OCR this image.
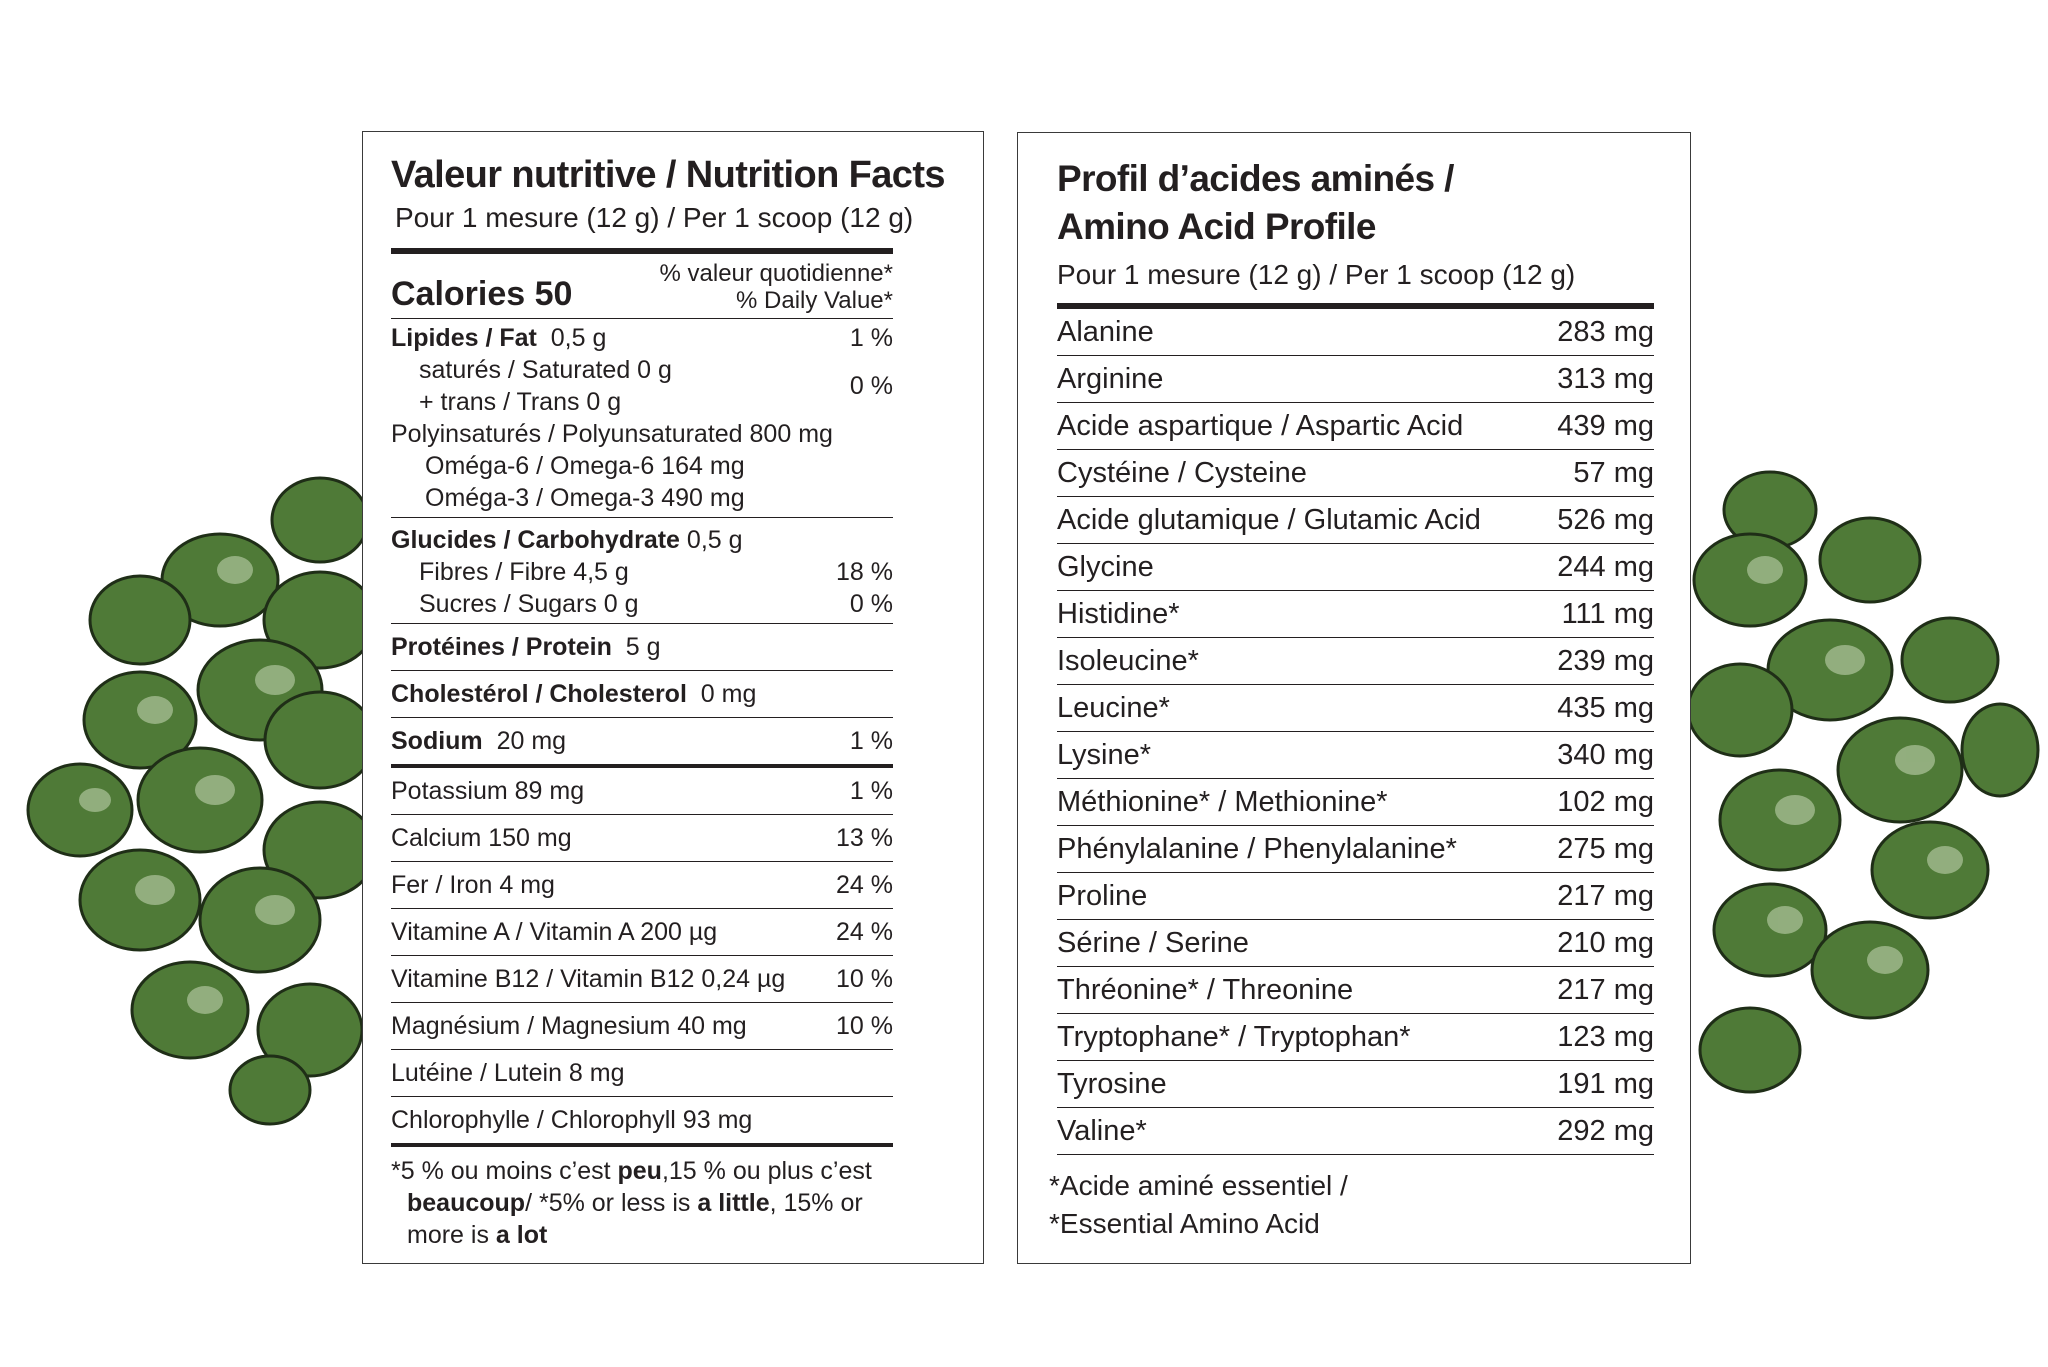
Valeur nutritive / Nutrition Facts

Pour 1 mesure (12 g) / Per 1 scoop (12 g)

Calories 50
% valeur quotidienne*
% Daily Value*
Lipides / Fat 0,5 g	1 %
saturés / Saturated 0 g
+ trans / Trans 0 g
0 %
Polyinsaturés / Polyunsaturated 800 mg
Oméga-6 / Omega-6 164 mg
Oméga-3 / Omega-3 490 mg
Glucides / Carbohydrate 0,5 g
Fibres / Fibre 4,5 g	18 %
Sucres / Sugars 0 g	0 %
Protéines / Protein 5 g
Cholestérol / Cholesterol 0 mg
Sodium 20 mg	1 %
Potassium 89 mg	1 %
Calcium 150 mg	13 %
Fer / Iron 4 mg	24 %
Vitamine A / Vitamin A 200 µg	24 %
Vitamine B12 / Vitamin B12 0,24 µg	10 %
Magnésium / Magnesium 40 mg	10 %
Lutéine / Lutein 8 mg
Chlorophylle / Chlorophyll 93 mg
*5 % ou moins c’est peu,15 % ou plus c’est
beaucoup/ *5% or less is a little, 15% or
more is a lot
Profil d’acides aminés /
Amino Acid Profile

Pour 1 mesure (12 g) / Per 1 scoop (12 g)

Alanine	283 mg
Arginine	313 mg
Acide aspartique / Aspartic Acid	439 mg
Cystéine / Cysteine	57 mg
Acide glutamique / Glutamic Acid	526 mg
Glycine	244 mg
Histidine*	111 mg
Isoleucine*	239 mg
Leucine*	435 mg
Lysine*	340 mg
Méthionine* / Methionine*	102 mg
Phénylalanine / Phenylalanine*	275 mg
Proline	217 mg
Sérine / Serine	210 mg
Thréonine* / Threonine	217 mg
Tryptophane* / Tryptophan*	123 mg
Tyrosine	191 mg
Valine*	292 mg
*Acide aminé essentiel /
*Essential Amino Acid
